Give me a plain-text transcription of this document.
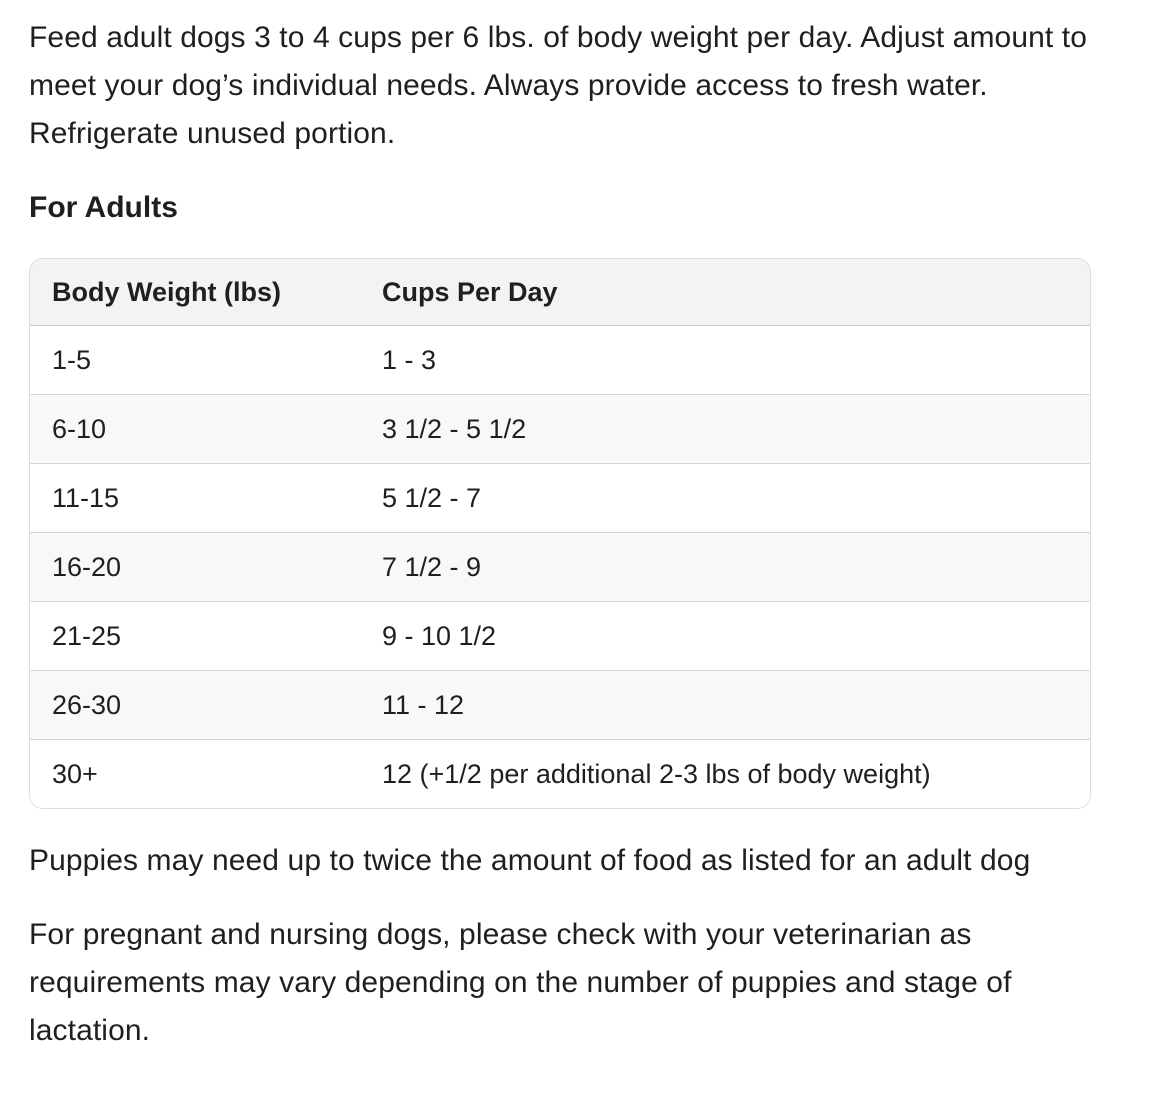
Feed adult dogs 3 to 4 cups per 6 lbs. of body weight per day. Adjust amount to meet your dog’s individual needs. Always provide access to fresh water. Refrigerate unused portion.

For Adults
Body Weight (lbs)	Cups Per Day
1-5	1 - 3
6-10	3 1/2 - 5 1/2
11-15	5 1/2 - 7
16-20	7 1/2 - 9
21-25	9 - 10 1/2
26-30	11 - 12
30+	12 (+1/2 per additional 2-3 lbs of body weight)

Puppies may need up to twice the amount of food as listed for an adult dog

For pregnant and nursing dogs, please check with your veterinarian as requirements may vary depending on the number of puppies and stage of lactation.
